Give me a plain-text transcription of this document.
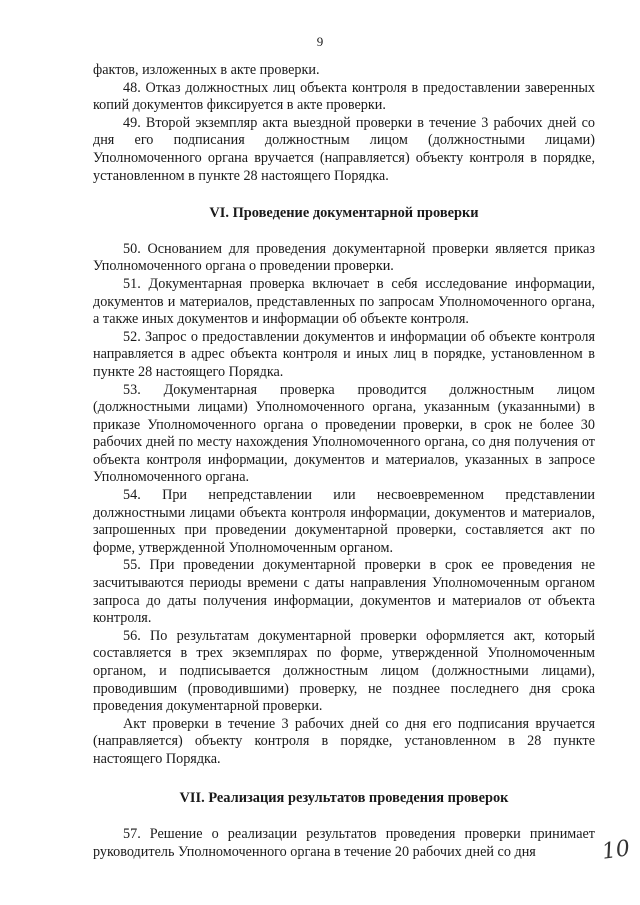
9

фактов, изложенных в акте проверки.

48. Отказ должностных лиц объекта контроля в предоставлении заверенных копий документов фиксируется в акте проверки.

49. Второй экземпляр акта выездной проверки в течение 3 рабочих дней со дня его подписания должностным лицом (должностными лицами) Уполномоченного органа вручается (направляется) объекту контроля в порядке, установленном в пункте 28 настоящего Порядка.

VI. Проведение документарной проверки

50. Основанием для проведения документарной проверки является приказ Уполномоченного органа о проведении проверки.

51. Документарная проверка включает в себя исследование информации, документов и материалов, представленных по запросам Уполномоченного органа, а также иных документов и информации об объекте контроля.

52. Запрос о предоставлении документов и информации об объекте контроля направляется в адрес объекта контроля и иных лиц в порядке, установленном в пункте 28 настоящего Порядка.

53. Документарная проверка проводится должностным лицом (должностными лицами) Уполномоченного органа, указанным (указанными) в приказе Уполномоченного органа о проведении проверки, в срок не более 30 рабочих дней по месту нахождения Уполномоченного органа, со дня получения от объекта контроля информации, документов и материалов, указанных в запросе Уполномоченного органа.

54. При непредставлении или несвоевременном представлении должностными лицами объекта контроля информации, документов и материалов, запрошенных при проведении документарной проверки, составляется акт по форме, утвержденной Уполномоченным органом.

55. При проведении документарной проверки в срок ее проведения не засчитываются периоды времени с даты направления Уполномоченным органом запроса до даты получения информации, документов и материалов от объекта контроля.

56. По результатам документарной проверки оформляется акт, который составляется в трех экземплярах по форме, утвержденной Уполномоченным органом, и подписывается должностным лицом (должностными лицами), проводившим (проводившими) проверку, не позднее последнего дня срока проведения документарной проверки.

Акт проверки в течение 3 рабочих дней со дня его подписания вручается (направляется) объекту контроля в порядке, установленном в 28 пункте настоящего Порядка.

VII. Реализация результатов проведения проверок

57. Решение о реализации результатов проведения проверки принимает руководитель Уполномоченного органа в течение 20 рабочих дней со дня	10
